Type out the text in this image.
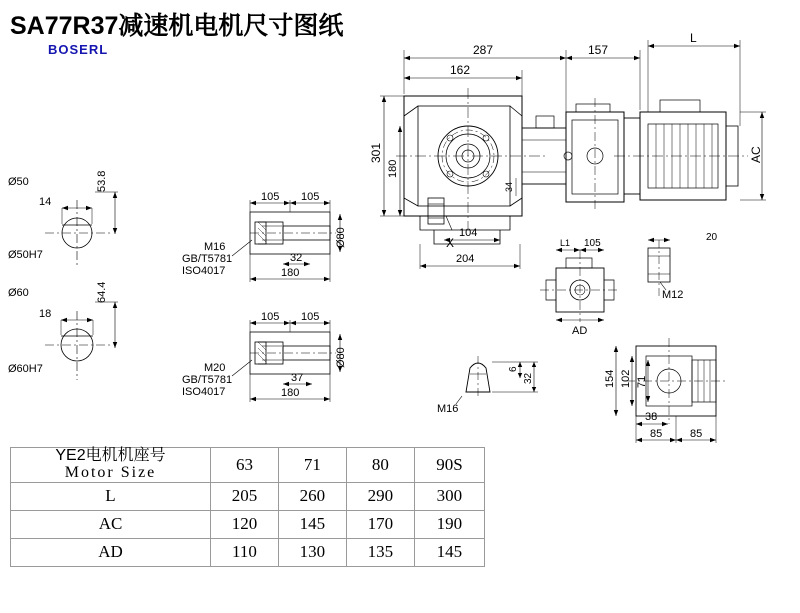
SA77R37减速机电机尺寸图纸
BOSERL
Ø50
14
53.8
Ø50H7
Ø60
18
64.4
Ø60H7
105 105
M16
GB/T5781
ISO4017
32
180
Ø80
105 105
M20
GB/T5781
ISO4017
37
180
Ø80
287
162
157
L
301
180
34
AC
104
204
X	L1 105
20
M12
AD
M16
6
32	154 102 71
38
85	85
YE2电机机座号
Motor Size	63	71	80	90S
L	205	260	290	300
AC	120	145	170	190
AD	110	130	135	145
